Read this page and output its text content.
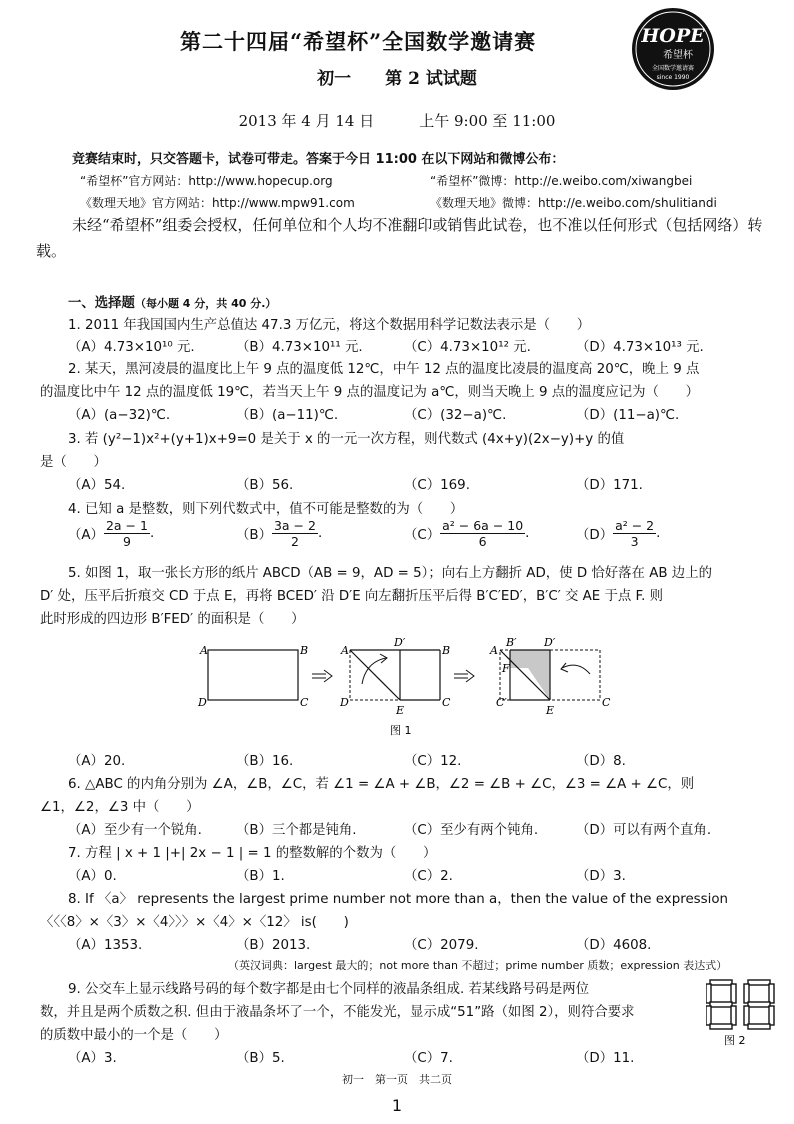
HOPE
希望杯
全国数学邀请赛
since 1990
第二十四届“希望杯”全国数学邀请赛
初一　　第 2 试试题
2013 年 4 月 14 日　　　上午 9:00 至 11:00
竞赛结束时，只交答题卡，试卷可带走。答案于今日 11:00 在以下网站和微博公布：
“希望杯”官方网站：http://www.hopecup.org	“希望杯”微博：http://e.weibo.com/xiwangbei
《数理天地》官方网站：http://www.mpw91.com	《数理天地》微博：http://e.weibo.com/shulitiandi
未经“希望杯”组委会授权，任何单位和个人均不准翻印或销售此试卷，也不准以任何形式（包括网络）转载。
一、选择题（每小题 4 分，共 40 分.）
1. 2011 年我国国内生产总值达 47.3 万亿元，将这个数据用科学记数法表示是（　　）
（A）4.73×10¹⁰ 元.	（B）4.73×10¹¹ 元.	（C）4.73×10¹² 元.	（D）4.73×10¹³ 元.
2. 某天，黑河凌晨的温度比上午 9 点的温度低 12℃，中午 12 点的温度比凌晨的温度高 20℃，晚上 9 点
的温度比中午 12 点的温度低 19℃，若当天上午 9 点的温度记为 a℃，则当天晚上 9 点的温度应记为（　　）
（A）(a−32)℃.	（B）(a−11)℃.	（C）(32−a)℃.	（D）(11−a)℃.
3. 若 (y²−1)x²+(y+1)x+9=0 是关于 x 的一元一次方程，则代数式 (4x+y)(2x−y)+y 的值
是（　　）
（A）54.	（B）56.	（C）169.	（D）171.
4. 已知 a 是整数，则下列代数式中，值不可能是整数的为（　　）
$(A) \frac{2a - 1}{9}$ .	$(B) \frac{3a - 2}{2}$ .	$(C) \frac{\text{a² − 6a − 10}}{6}$ .	$(D) \frac{\text{a² − 2}}{3}$ .
5. 如图 1，取一张长方形的纸片 ABCD（AB = 9，AD = 5）；向右上方翻折 AD，使 D 恰好落在 AB 边上的
D′ 处，压平后折痕交 CD 于点 E，再将 BCED′ 沿 D′E 向左翻折压平后得 B′C′ED′，B′C′ 交 AE 于点 F. 则
此时形成的四边形 B′FED′ 的面积是（　　）
A	B
C
D
A
D′
B
D
E
C
A
B′ D′
F
C′
E
C
图 1
（A）20.	（B）16.	（C）12.	（D）8.
6. △ABC 的内角分别为 ∠A，∠B，∠C，若 ∠1 = ∠A + ∠B，∠2 = ∠B + ∠C，∠3 = ∠A + ∠C，则
∠1，∠2，∠3 中（　　）
（A）至少有一个锐角.	（B）三个都是钝角.	（C）至少有两个钝角.	（D）可以有两个直角.
7. 方程 | x + 1 |+| 2x − 1 | = 1 的整数解的个数为（　　）
（A）0.	（B）1.	（C）2.	（D）3.
8. If 〈a〉 represents the largest prime number not more than a，then the value of the expression
〈〈〈8〉×〈3〉×〈4〉〉〉×〈4〉×〈12〉 is(　　)
（A）1353.	（B）2013.	（C）2079.	（D）4608.
（英汉词典：largest 最大的；not more than 不超过；prime number 质数；expression 表达式）
9. 公交车上显示线路号码的每个数字都是由七个同样的液晶条组成. 若某线路号码是两位
数，并且是两个质数之积. 但由于液晶条坏了一个，不能发光，显示成“51”路（如图 2），则符合要求
的质数中最小的一个是（　　）
（A）3.	（B）5.	（C）7.	（D）11.
图 2
初一　第一页　共二页
1
